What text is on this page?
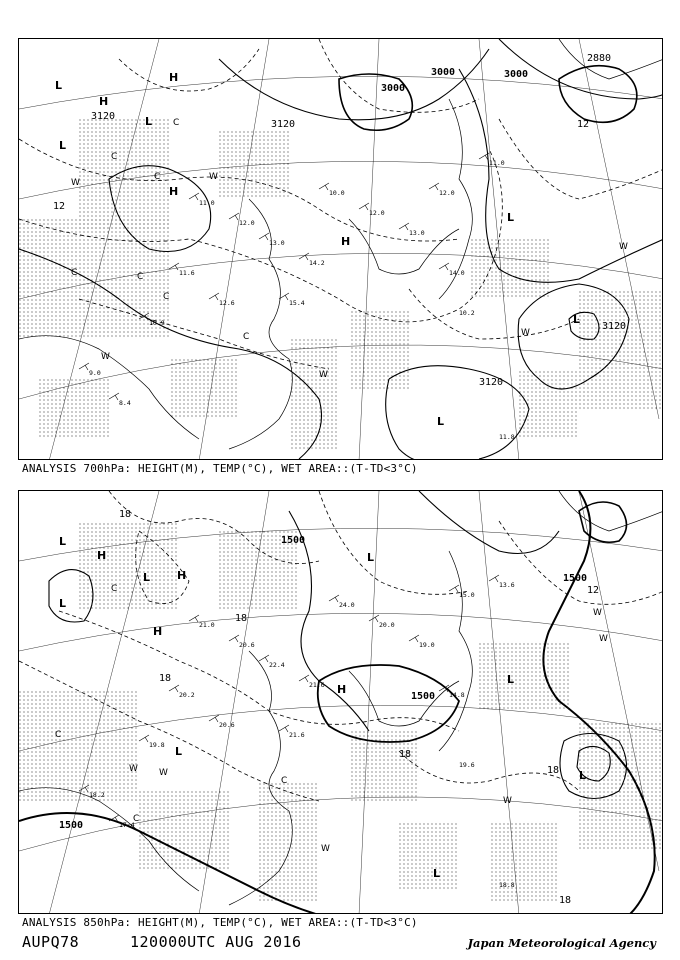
11.0
12.0
13.0
14.2
10.0
12.0
13.0
12.0
11.6
10.9
9.0
8.4
12.6	15.4
14.0
11.0
10.2
11.8
3000
3000
3000
3120
3120
3120
3120
2880
12
12
H
H
H
H
L
L
L
L
L
L
W
W
W
W
W
W
C
C
C
C	C
C
C
ANALYSIS 700hPa: HEIGHT(M), TEMP(°C), WET AREA::(T-TD<3°C)
21.0
20.6
22.4
21.6
24.0
20.0
19.0
15.0
20.2
19.8
18.2
17.4
20.6
21.6
14.8
13.6
19.6
18.8
1500
1500
1500
1500
18
18
18
18
18
18
12
H
H
H
H
L
L
L
L
L
L
L
L
W
W
W
W
W
W
C
C
C
C
ANALYSIS 850hPa: HEIGHT(M), TEMP(°C), WET AREA::(T-TD<3°C)
AUPQ78	120000UTC AUG 2016	Japan Meteorological Agency
